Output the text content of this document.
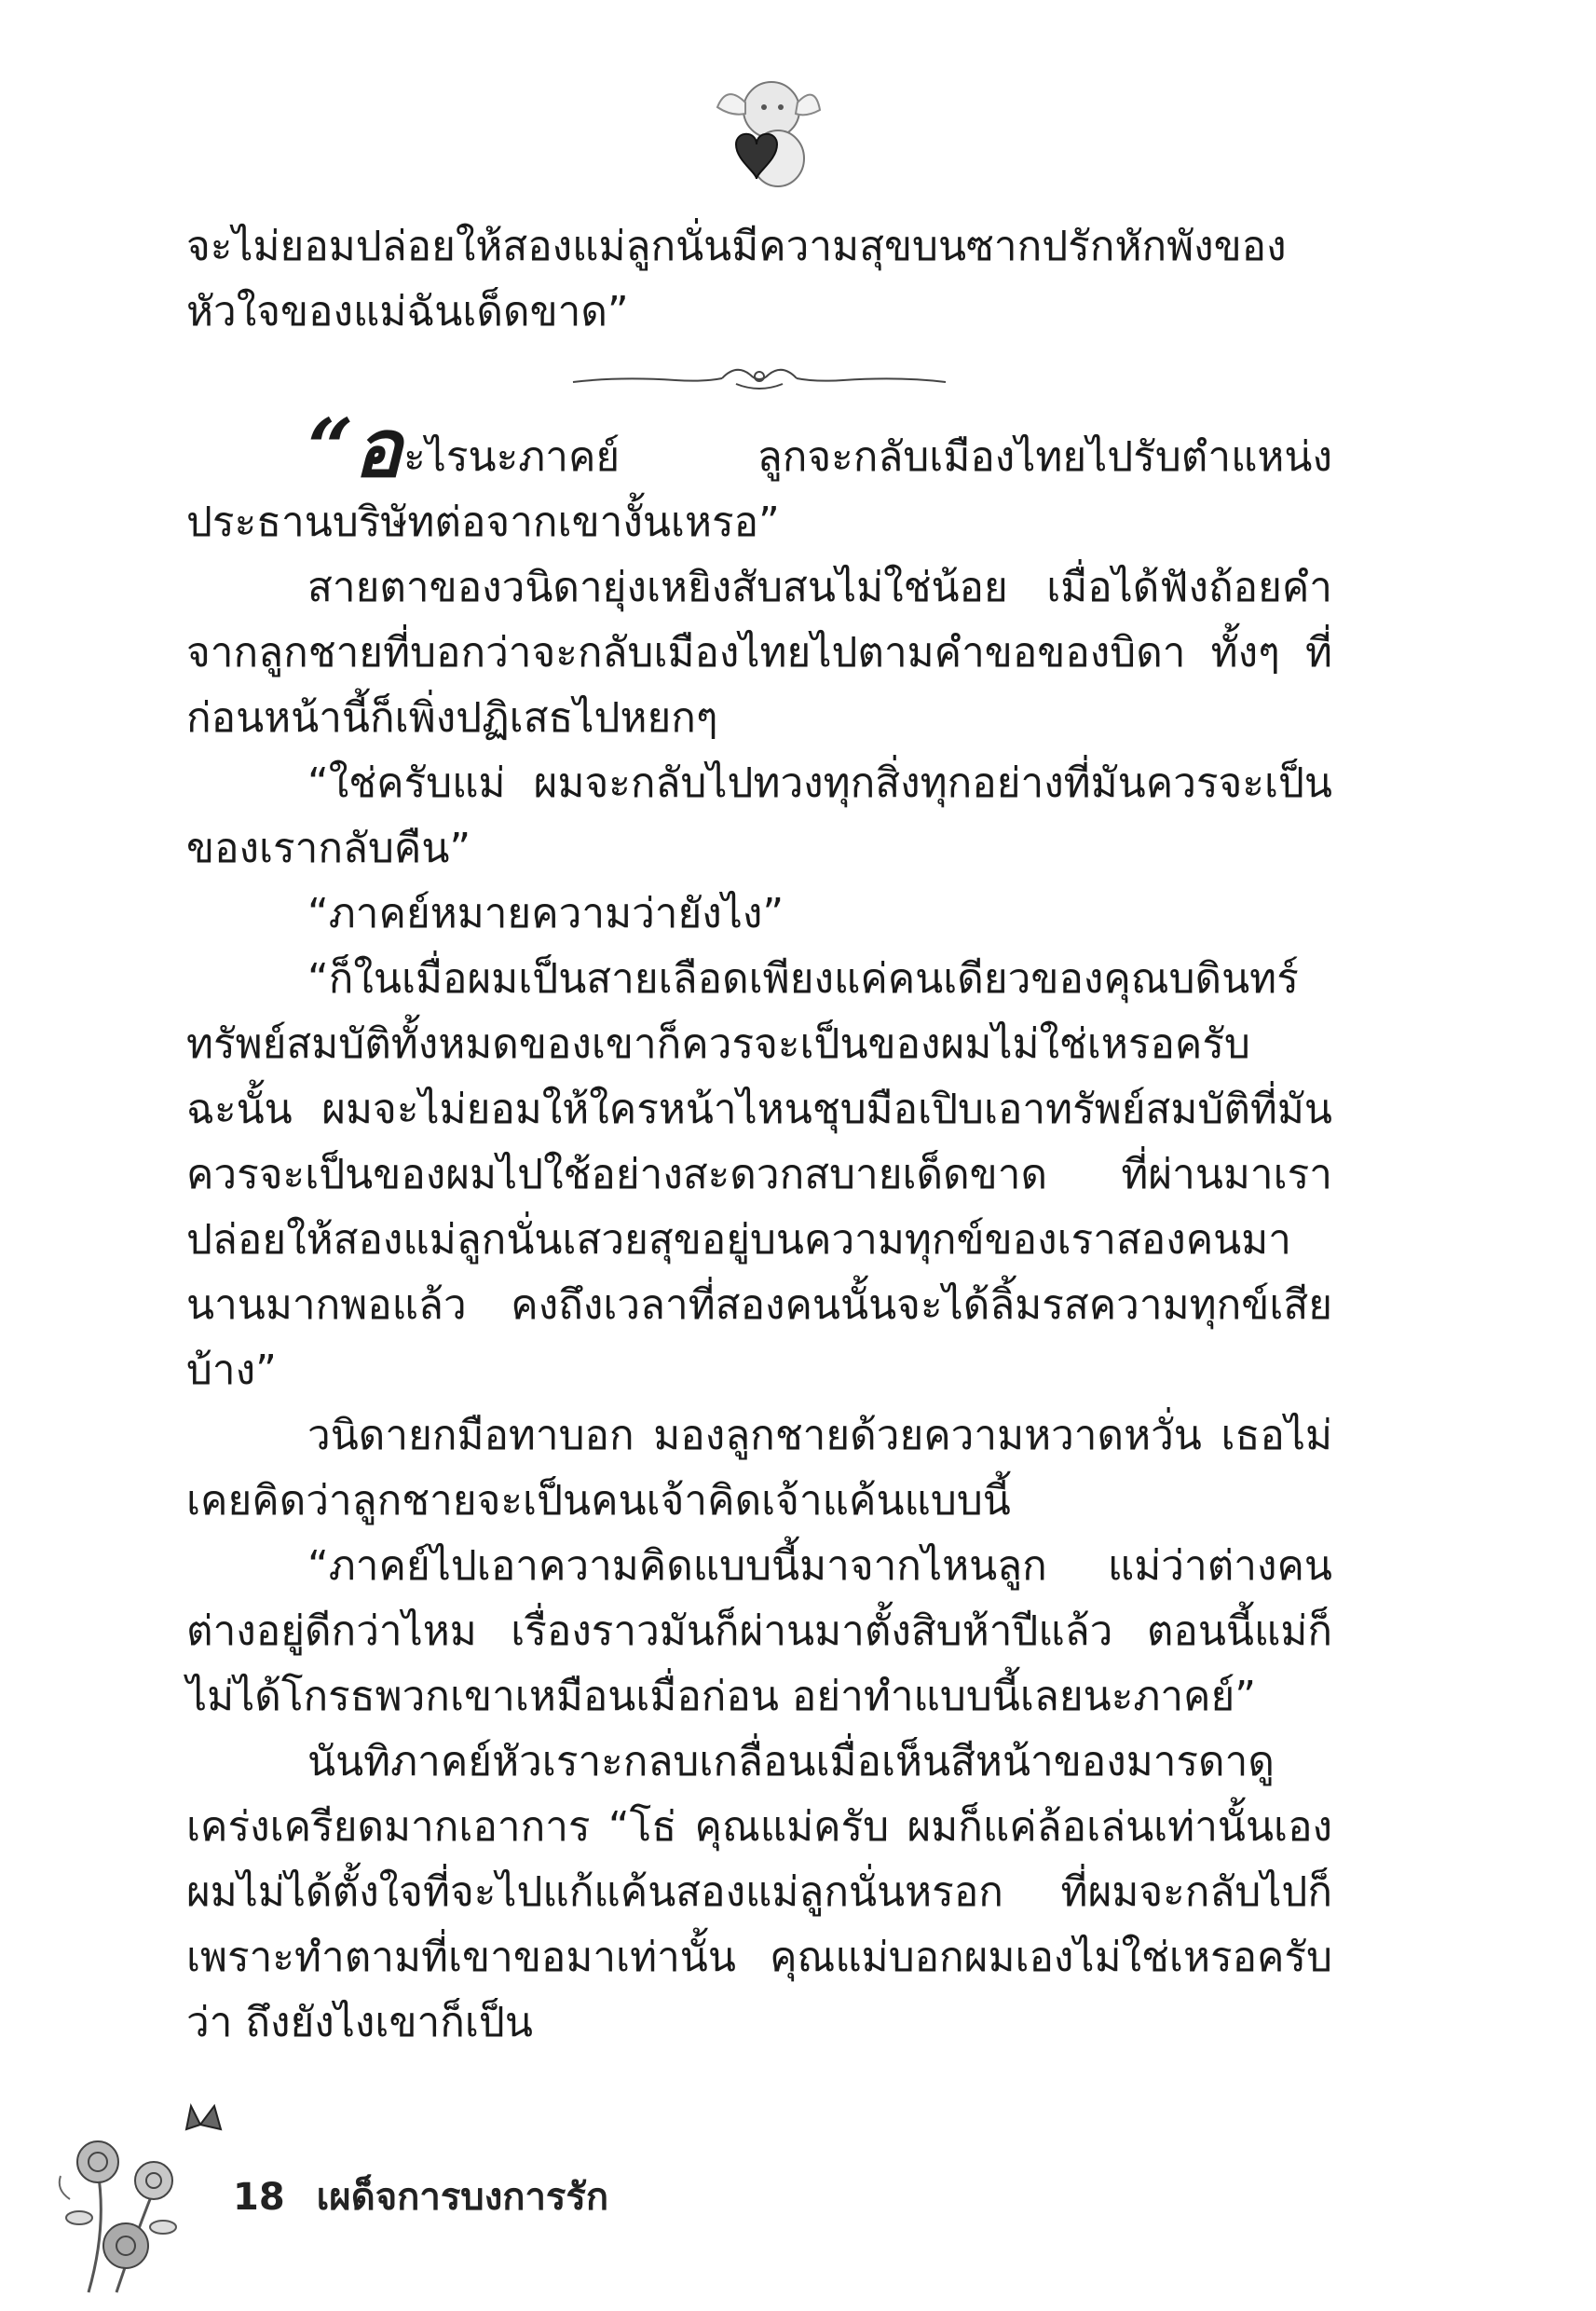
จะไม่ยอมปล่อยให้สองแม่ลูกนั่นมีความสุขบนซากปรักหักพังของหัวใจของแม่ฉันเด็ดขาด”

“อะไรนะภาคย์ ลูกจะกลับเมืองไทยไปรับตำแหน่งประธานบริษัทต่อจากเขางั้นเหรอ”

สายตาของวนิดายุ่งเหยิงสับสนไม่ใช่น้อย เมื่อได้ฟังถ้อยคำจากลูกชายที่บอกว่าจะกลับเมืองไทยไปตามคำขอของบิดา ทั้งๆ ที่ก่อนหน้านี้ก็เพิ่งปฏิเสธไปหยกๆ

“ใช่ครับแม่ ผมจะกลับไปทวงทุกสิ่งทุกอย่างที่มันควรจะเป็นของเรากลับคืน”

“ภาคย์หมายความว่ายังไง”

“ก็ในเมื่อผมเป็นสายเลือดเพียงแค่คนเดียวของคุณบดินทร์ ทรัพย์สมบัติทั้งหมดของเขาก็ควรจะเป็นของผมไม่ใช่เหรอครับ ฉะนั้น ผมจะไม่ยอมให้ใครหน้าไหนชุบมือเปิบเอาทรัพย์สมบัติที่มันควรจะเป็นของผมไปใช้อย่างสะดวกสบายเด็ดขาด ที่ผ่านมาเราปล่อยให้สองแม่ลูกนั่นเสวยสุขอยู่บนความทุกข์ของเราสองคนมานานมากพอแล้ว คงถึงเวลาที่สองคนนั้นจะได้ลิ้มรสความทุกข์เสียบ้าง”

วนิดายกมือทาบอก มองลูกชายด้วยความหวาดหวั่น เธอไม่เคยคิดว่าลูกชายจะเป็นคนเจ้าคิดเจ้าแค้นแบบนี้

“ภาคย์ไปเอาความคิดแบบนี้มาจากไหนลูก แม่ว่าต่างคนต่างอยู่ดีกว่าไหม เรื่องราวมันก็ผ่านมาตั้งสิบห้าปีแล้ว ตอนนี้แม่ก็ไม่ได้โกรธพวกเขาเหมือนเมื่อก่อน อย่าทำแบบนี้เลยนะภาคย์”

นันทิภาคย์หัวเราะกลบเกลื่อนเมื่อเห็นสีหน้าของมารดาดูเคร่งเครียดมากเอาการ “โธ่ คุณแม่ครับ ผมก็แค่ล้อเล่นเท่านั้นเอง ผมไม่ได้ตั้งใจที่จะไปแก้แค้นสองแม่ลูกนั่นหรอก ที่ผมจะกลับไปก็เพราะทำตามที่เขาขอมาเท่านั้น คุณแม่บอกผมเองไม่ใช่เหรอครับว่า ถึงยังไงเขาก็เป็น

18 เผด็จการบงการรัก
